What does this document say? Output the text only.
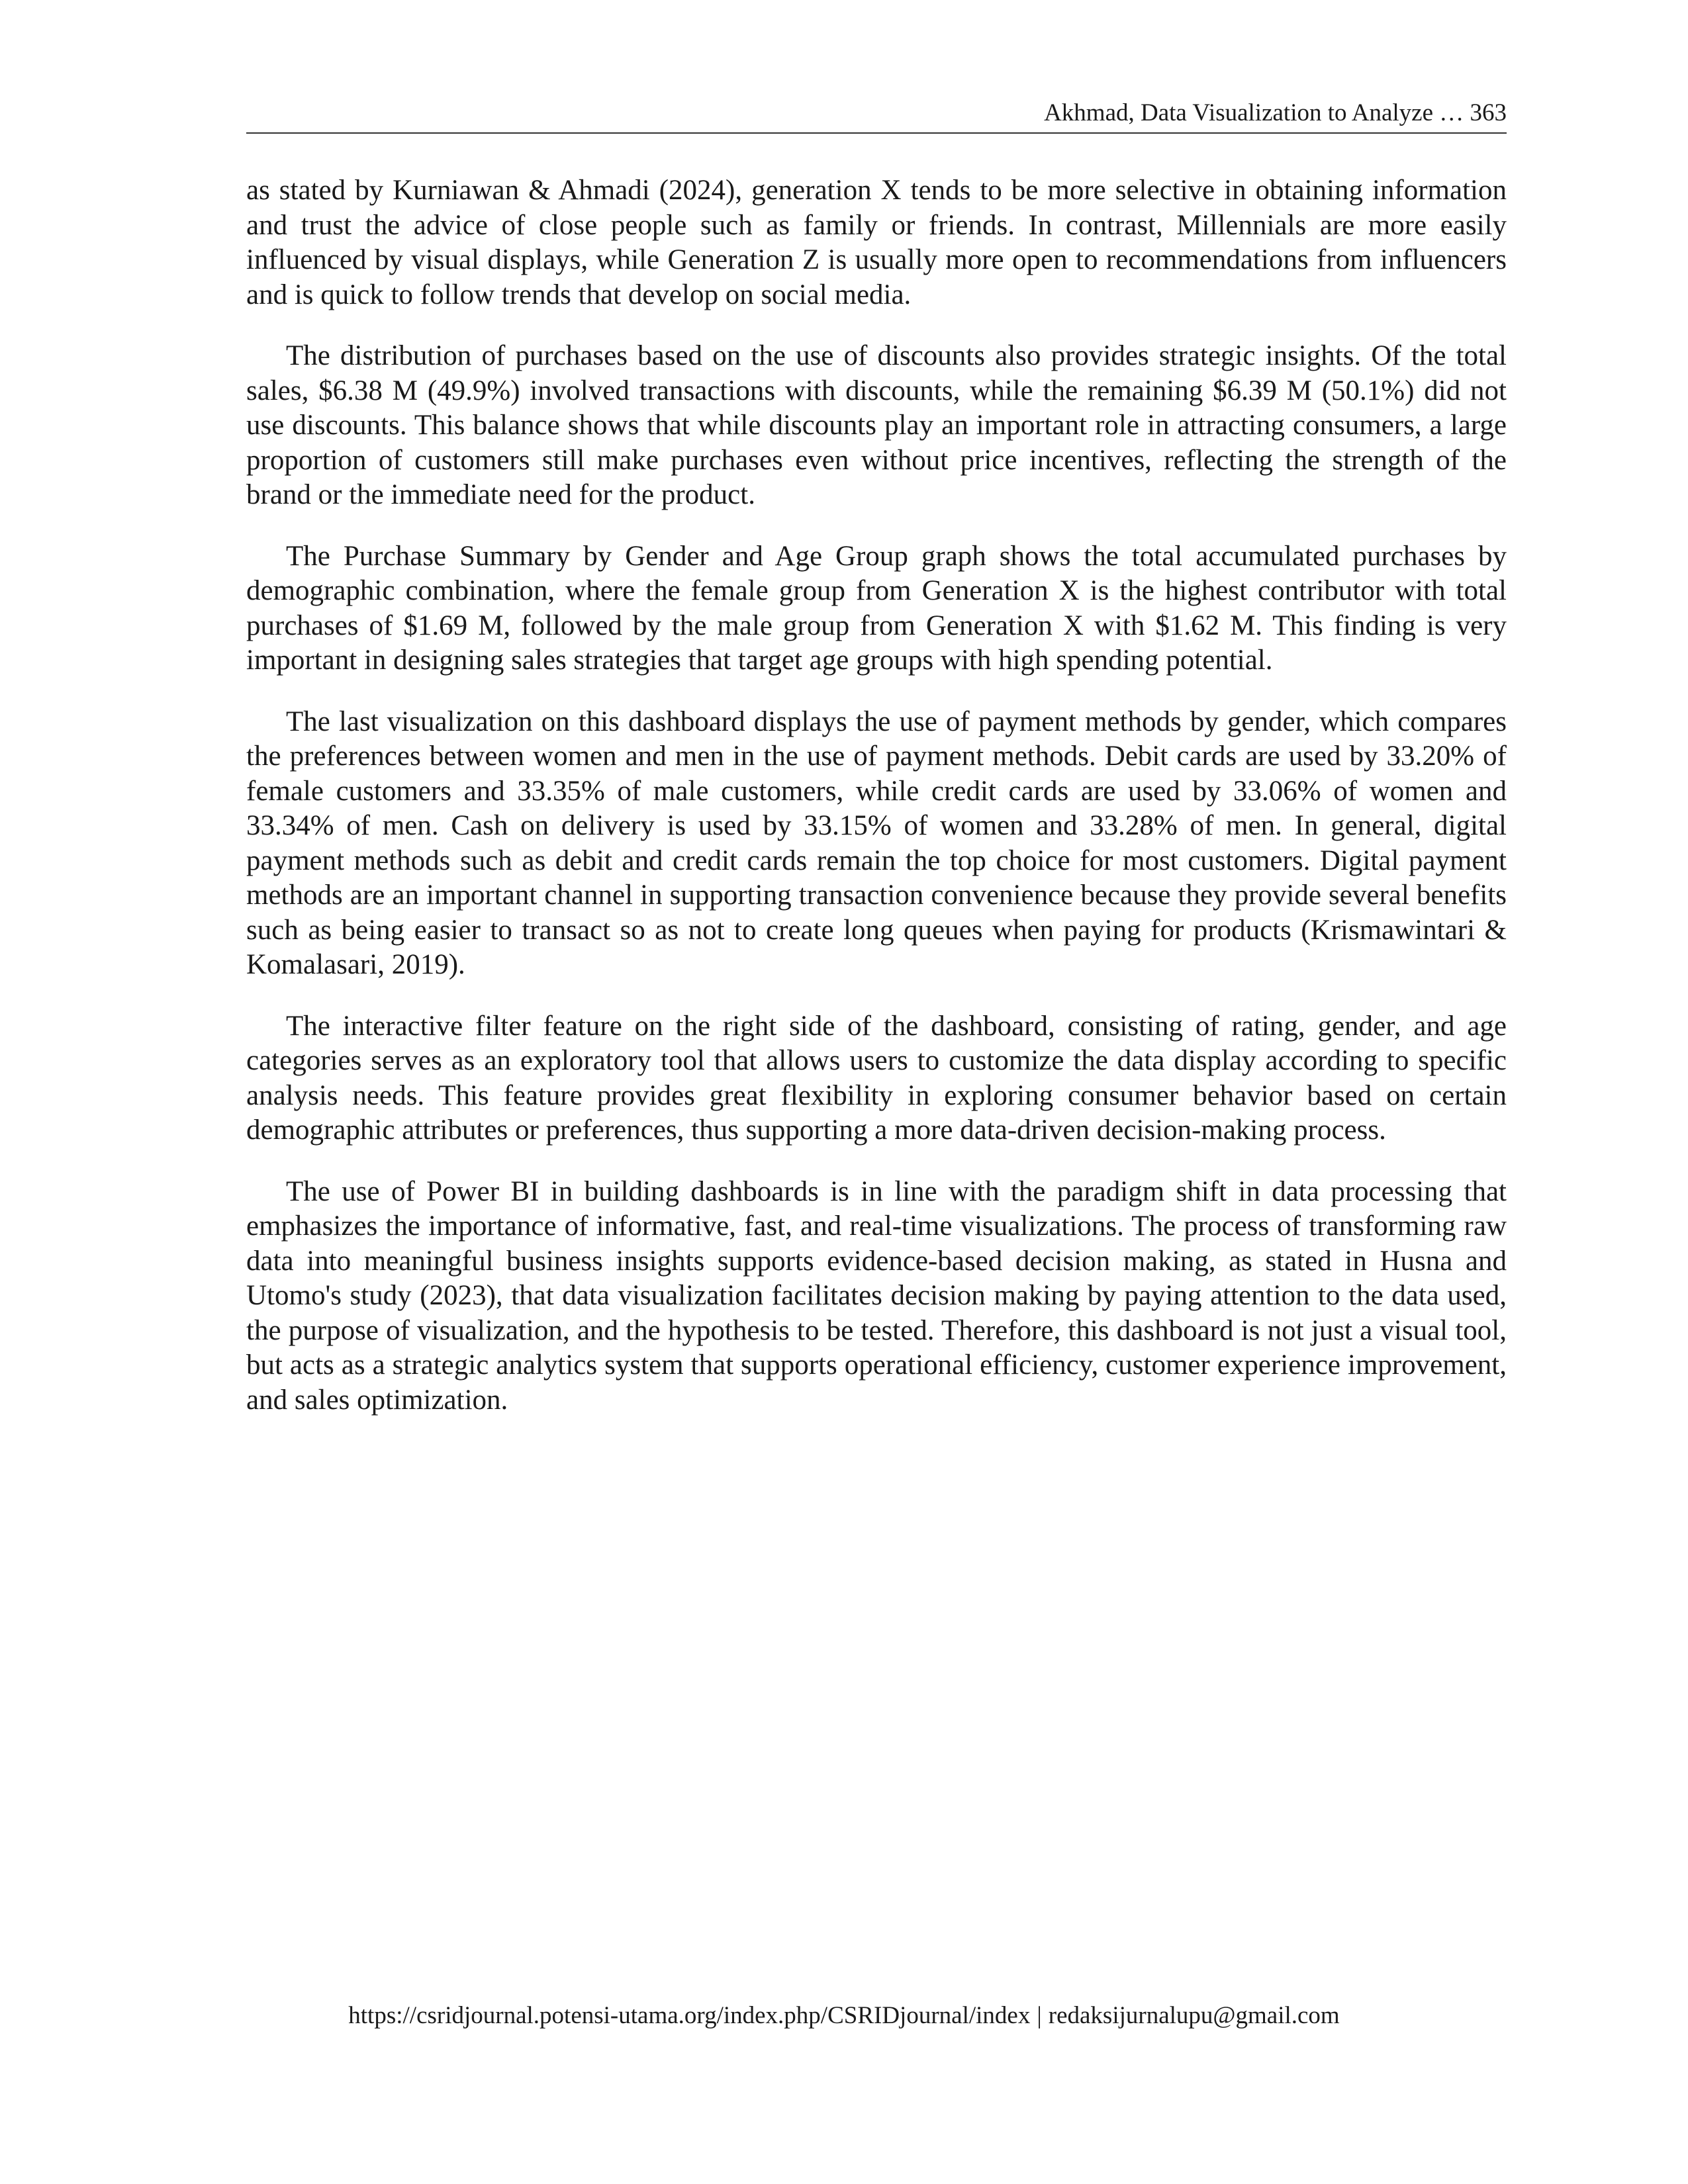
Akhmad, Data Visualization to Analyze … 363

as stated by Kurniawan & Ahmadi (2024), generation X tends to be more selective in obtaining information and trust the advice of close people such as family or friends. In contrast, Millennials are more easily influenced by visual displays, while Generation Z is usually more open to recommendations from influencers and is quick to follow trends that develop on social media.

The distribution of purchases based on the use of discounts also provides strategic insights. Of the total sales, $6.38 M (49.9%) involved transactions with discounts, while the remaining $6.39 M (50.1%) did not use discounts. This balance shows that while discounts play an important role in attracting consumers, a large proportion of customers still make purchases even without price incentives, reflecting the strength of the brand or the immediate need for the product.

The Purchase Summary by Gender and Age Group graph shows the total accumulated purchases by demographic combination, where the female group from Generation X is the highest contributor with total purchases of $1.69 M, followed by the male group from Generation X with $1.62 M. This finding is very important in designing sales strategies that target age groups with high spending potential.

The last visualization on this dashboard displays the use of payment methods by gender, which compares the preferences between women and men in the use of payment methods. Debit cards are used by 33.20% of female customers and 33.35% of male customers, while credit cards are used by 33.06% of women and 33.34% of men. Cash on delivery is used by 33.15% of women and 33.28% of men. In general, digital payment methods such as debit and credit cards remain the top choice for most customers. Digital payment methods are an important channel in supporting transaction convenience because they provide several benefits such as being easier to transact so as not to create long queues when paying for products (Krismawintari & Komalasari, 2019).

The interactive filter feature on the right side of the dashboard, consisting of rating, gender, and age categories serves as an exploratory tool that allows users to customize the data display according to specific analysis needs. This feature provides great flexibility in exploring consumer behavior based on certain demographic attributes or preferences, thus supporting a more data-driven decision-making process.

The use of Power BI in building dashboards is in line with the paradigm shift in data processing that emphasizes the importance of informative, fast, and real-time visualizations. The process of transforming raw data into meaningful business insights supports evidence-based decision making, as stated in Husna and Utomo's study (2023), that data visualization facilitates decision making by paying attention to the data used, the purpose of visualization, and the hypothesis to be tested. Therefore, this dashboard is not just a visual tool, but acts as a strategic analytics system that supports operational efficiency, customer experience improvement, and sales optimization.

https://csridjournal.potensi-utama.org/index.php/CSRIDjournal/index | redaksijurnalupu@gmail.com
